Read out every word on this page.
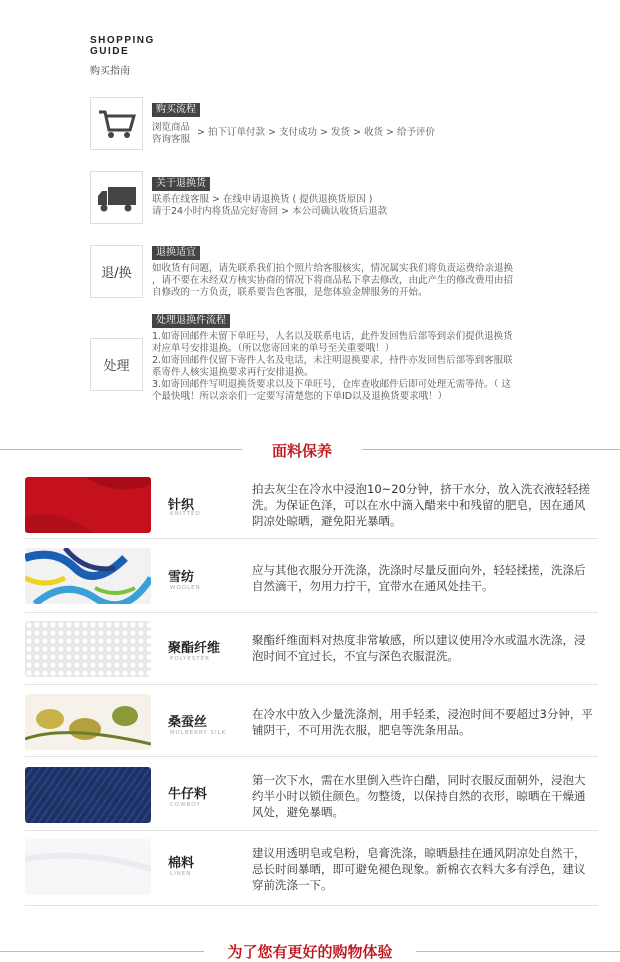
SHOPPING
GUIDE
购买指南
购买流程
浏览商品
咨询客服
> 拍下订单付款 > 支付成功 > 发货 > 收货 > 给予评价
关于退换货
联系在线客服 > 在线申请退换货 ( 提供退换货原因 )
请于24小时内将货品完好寄回 > 本公司确认收货后退款
退/换
退换适宜
如收货有问题，请先联系我们拍个照片给客服核实，情况属实我们将负责运费给亲退换
，请不要在未经双方核实协商的情况下将商品私下拿去修改，由此产生的修改费用由招
自修改的一方负责，联系要告色客服，是您体验金牌服务的开始。
处理
处理退换件流程
1.如寄回邮件未留下单旺号，人名以及联系电话，此件发回售后部等到亲们提供退换货
对应单号安排退换。（所以您寄回来的单号至关重要哦！）
2.如寄回邮件仅留下寄件人名及电话，未注明退换要求，持件亦发回售后部等到客服联
系寄件人核实退换要求再行安排退换。
3.如寄回邮件写明退换货要求以及下单旺号，仓库查收邮件后即可处理无需等待。（ 这
个最快哦！所以亲亲们一定要写清楚您的下单ID以及退换货要求哦！）
面料保养
针织
KNITTED
拍去灰尘在冷水中浸泡10~20分钟，挤干水分，放入洗衣液轻轻搓洗。为保证色泽，可以在水中滴入醋来中和残留的肥皂，因在通风阴凉处晾晒，避免阳光暴晒。
雪纺
WOOLEN
应与其他衣服分开洗涤，洗涤时尽量反面向外，轻轻揉搓，洗涤后自然滴干，勿用力拧干，宜带水在通风处挂干。
聚酯纤维
POLYESTER
聚酯纤维面料对热度非常敏感，所以建议使用冷水或温水洗涤，浸泡时间不宜过长，不宜与深色衣服混洗。
桑蚕丝
MULBERRY SILK
在冷水中放入少量洗涤剂，用手轻柔，浸泡时间不要超过3分钟，平铺阴干，不可用洗衣服，肥皂等洗条用品。
牛仔料
COWBOY
第一次下水，需在水里倒入些许白醋，同时衣服反面朝外，浸泡大约半小时以锁住颜色。勿整烫，以保持自然的衣形，晾晒在干燥通风处，避免暴晒。
棉料
LINEN
建议用透明皂或皂粉，皂膏洗涤，晾晒悬挂在通风阴凉处自然干，忌长时间暴晒，即可避免褪色现象。新棉衣衣料大多有浮色，建议穿前洗涤一下。
为了您有更好的购物体验
